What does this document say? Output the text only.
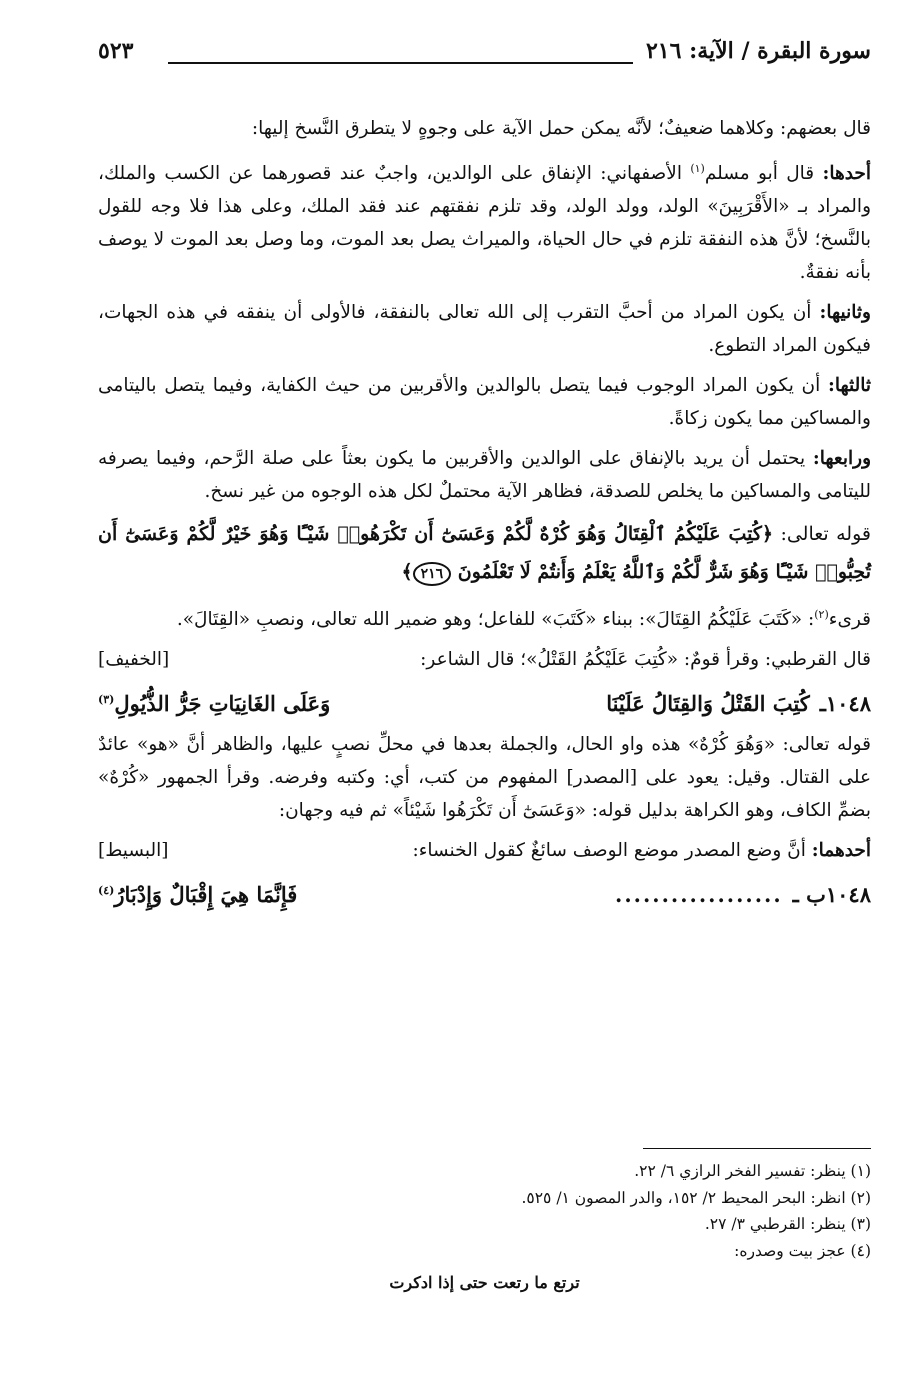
سورة البقرة / الآية: ٢١٦
٥٢٣

قال بعضهم: وكلاهما ضعيفٌ؛ لأنَّه يمكن حمل الآية على وجوهٍ لا يتطرق النَّسخ إليها:

أحدها: قال أبو مسلم$^{(١)}$ الأصفهاني: الإنفاق على الوالدين، واجبٌ عند قصورهما عن الكسب والملك، والمراد بـ «الأَقْرَبِينَ» الولد، وولد الولد، وقد تلزم نفقتهم عند فقد الملك، وعلى هذا فلا وجه للقول بالنَّسخ؛ لأنَّ هذه النفقة تلزم في حال الحياة، والميراث يصل بعد الموت، وما وصل بعد الموت لا يوصف بأنه نفقةٌ.

وثانيها: أن يكون المراد من أحبَّ التقرب إلى الله تعالى بالنفقة، فالأولى أن ينفقه في هذه الجهات، فيكون المراد التطوع.

ثالثها: أن يكون المراد الوجوب فيما يتصل بالوالدين والأقربين من حيث الكفاية، وفيما يتصل باليتامى والمساكين مما يكون زكاةً.

ورابعها: يحتمل أن يريد بالإنفاق على الوالدين والأقربين ما يكون بعثاً على صلة الرَّحم، وفيما يصرفه لليتامى والمساكين ما يخلص للصدقة، فظاهر الآية محتملٌ لكل هذه الوجوه من غير نسخ.

قوله تعالى: ﴿كُتِبَ عَلَيْكُمُ ٱلْقِتَالُ وَهُوَ كُرْهٌ لَّكُمْ وَعَسَىٰٓ أَن تَكْرَهُوا۟ شَيْـًٔا وَهُوَ خَيْرٌ لَّكُمْ وَعَسَىٰٓ أَن تُحِبُّوا۟ شَيْـًٔا وَهُوَ شَرٌّ لَّكُمْ وَٱللَّهُ يَعْلَمُ وَأَنتُمْ لَا تَعْلَمُونَ ٢١٦﴾

قرىء$^{(٢)}$: «كَتَبَ عَلَيْكُمُ القِتَالَ»: ببناء «كَتَبَ» للفاعل؛ وهو ضمير الله تعالى، ونصبِ «القِتَالَ».

قال القرطبي: وقرأ قومٌ: «كُتِبَ عَلَيْكُمُ القَتْلُ»؛ قال الشاعر:
[الخفيف]

١٠٤٨ـ
كُتِبَ القَتْلُ وَالقِتَالُ عَلَيْنَا
وَعَلَى الغَانِيَاتِ جَرُّ الذُّيُولِ$^{(٣)}$

قوله تعالى: «وَهُوَ كُرْهٌ» هذه واو الحال، والجملة بعدها في محلِّ نصبٍ عليها، والظاهر أنَّ «هو» عائدٌ على القتال. وقيل: يعود على [المصدر] المفهوم من كتب، أي: وكتبه وفرضه. وقرأ الجمهور «كُرْهٌ» بضمِّ الكاف، وهو الكراهة بدليل قوله: «وَعَسَىٰٓ أَن تَكْرَهُوا شَيْئاً» ثم فيه وجهان:

أحدهما: أنَّ وضع المصدر موضع الوصف سائغٌ كقول الخنساء:
[البسيط]

١٠٤٨ب ـ
..................
فَإِنَّمَا هِيَ إِقْبَالٌ وَإِدْبَارُ$^{(٤)}$

(١) ينظر: تفسير الفخر الرازي ٦/ ٢٢.

(٢) انظر: البحر المحيط ٢/ ١٥٢، والدر المصون ١/ ٥٢٥.

(٣) ينظر: القرطبي ٣/ ٢٧.

(٤) عجز بيت وصدره:

ترتع ما رتعت حتى إذا ادكرت
